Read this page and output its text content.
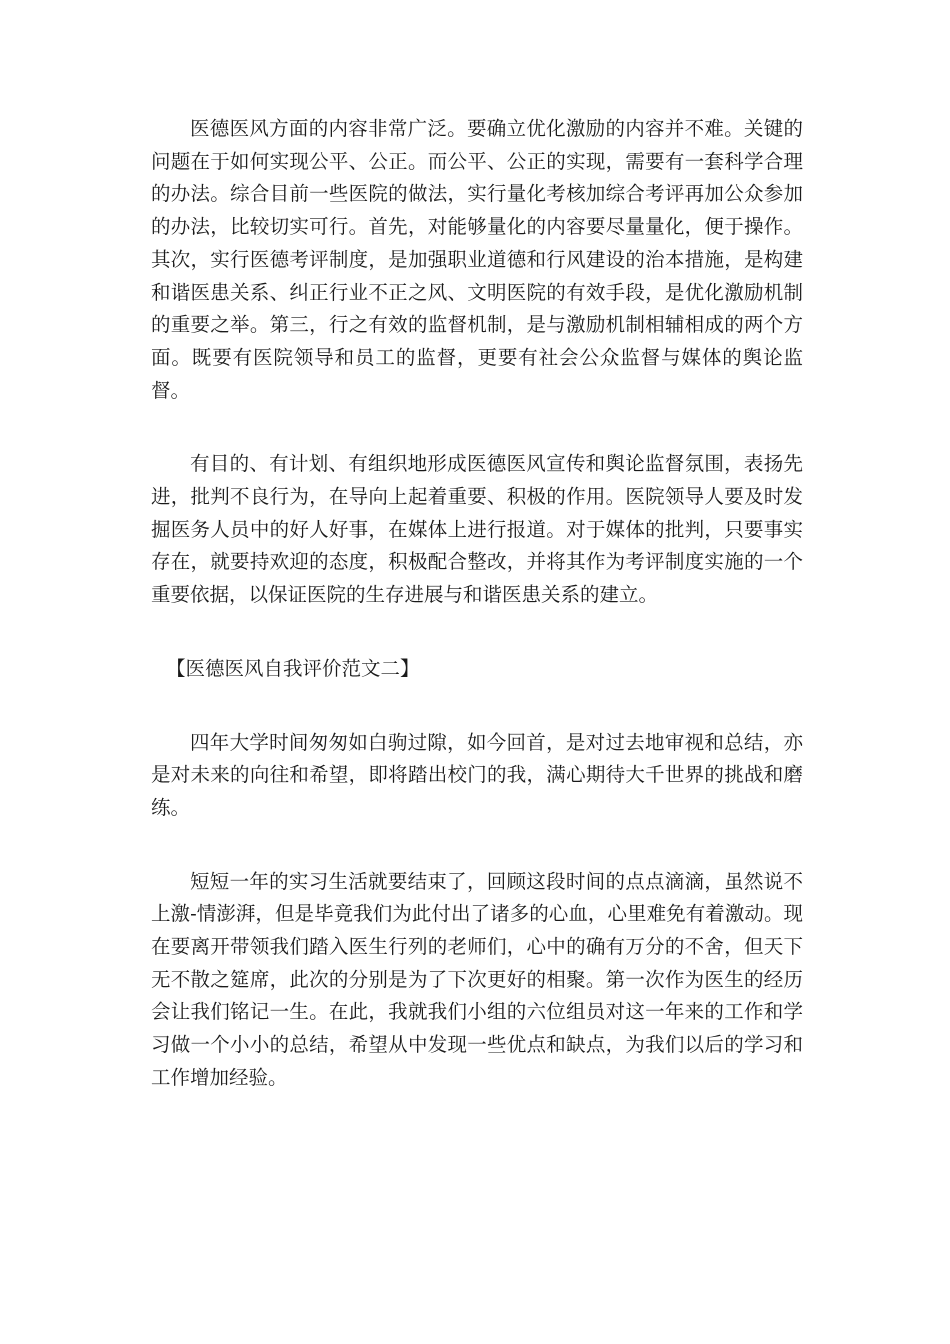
医德医风方面的内容非常广泛。要确立优化激励的内容并不难。关键的问题在于如何实现公平、公正。而公平、公正的实现，需要有一套科学合理的办法。综合目前一些医院的做法，实行量化考核加综合考评再加公众参加的办法，比较切实可行。首先，对能够量化的内容要尽量量化，便于操作。其次，实行医德考评制度，是加强职业道德和行风建设的治本措施，是构建和谐医患关系、纠正行业不正之风、文明医院的有效手段，是优化激励机制的重要之举。第三，行之有效的监督机制，是与激励机制相辅相成的两个方面。既要有医院领导和员工的监督，更要有社会公众监督与媒体的舆论监督。

有目的、有计划、有组织地形成医德医风宣传和舆论监督氛围，表扬先进，批判不良行为，在导向上起着重要、积极的作用。医院领导人要及时发掘医务人员中的好人好事，在媒体上进行报道。对于媒体的批判，只要事实存在，就要持欢迎的态度，积极配合整改，并将其作为考评制度实施的一个重要依据，以保证医院的生存进展与和谐医患关系的建立。

【医德医风自我评价范文二】

四年大学时间匆匆如白驹过隙，如今回首，是对过去地审视和总结，亦是对未来的向往和希望，即将踏出校门的我，满心期待大千世界的挑战和磨练。

短短一年的实习生活就要结束了，回顾这段时间的点点滴滴，虽然说不上激-情澎湃，但是毕竟我们为此付出了诸多的心血，心里难免有着激动。现在要离开带领我们踏入医生行列的老师们，心中的确有万分的不舍，但天下无不散之筵席，此次的分别是为了下次更好的相聚。第一次作为医生的经历会让我们铭记一生。在此，我就我们小组的六位组员对这一年来的工作和学习做一个小小的总结，希望从中发现一些优点和缺点，为我们以后的学习和工作增加经验。
